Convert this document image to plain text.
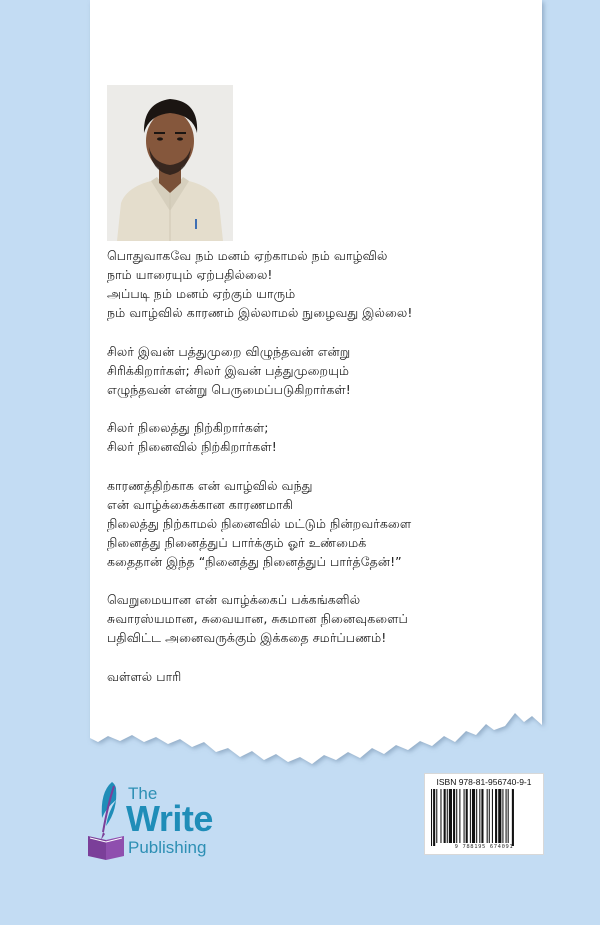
பொதுவாகவே நம் மனம் ஏற்காமல் நம் வாழ்வில்
நாம் யாரையும் ஏற்பதில்லை!
அப்படி நம் மனம் ஏற்கும் யாரும்
நம் வாழ்வில் காரணம் இல்லாமல் நுழைவது இல்லை!
சிலர் இவன் பத்துமுறை விழுந்தவன் என்று
சிரிக்கிறார்கள்; சிலர் இவன் பத்துமுறையும்
எழுந்தவன் என்று பெருமைப்படுகிறார்கள்!
சிலர் நிலைத்து நிற்கிறார்கள்;
சிலர் நினைவில் நிற்கிறார்கள்!
காரணத்திற்காக என் வாழ்வில் வந்து
என் வாழ்க்கைக்கான காரணமாகி
நிலைத்து நிற்காமல் நினைவில் மட்டும் நின்றவர்களை
நினைத்து நினைத்துப் பார்க்கும் ஓர் உண்மைக்
கதைதான் இந்த “நினைத்து நினைத்துப் பார்த்தேன்!”
வெறுமையான என் வாழ்க்கைப் பக்கங்களில்
சுவாரஸ்யமான, சுவையான, சுகமான நினைவுகளைப்
பதிவிட்ட அனைவருக்கும் இக்கதை சமர்ப்பணம்!
வள்ளல் பாரி
The
Write
Publishing
ISBN 978-81-956740-9-1
9 788195 674091
